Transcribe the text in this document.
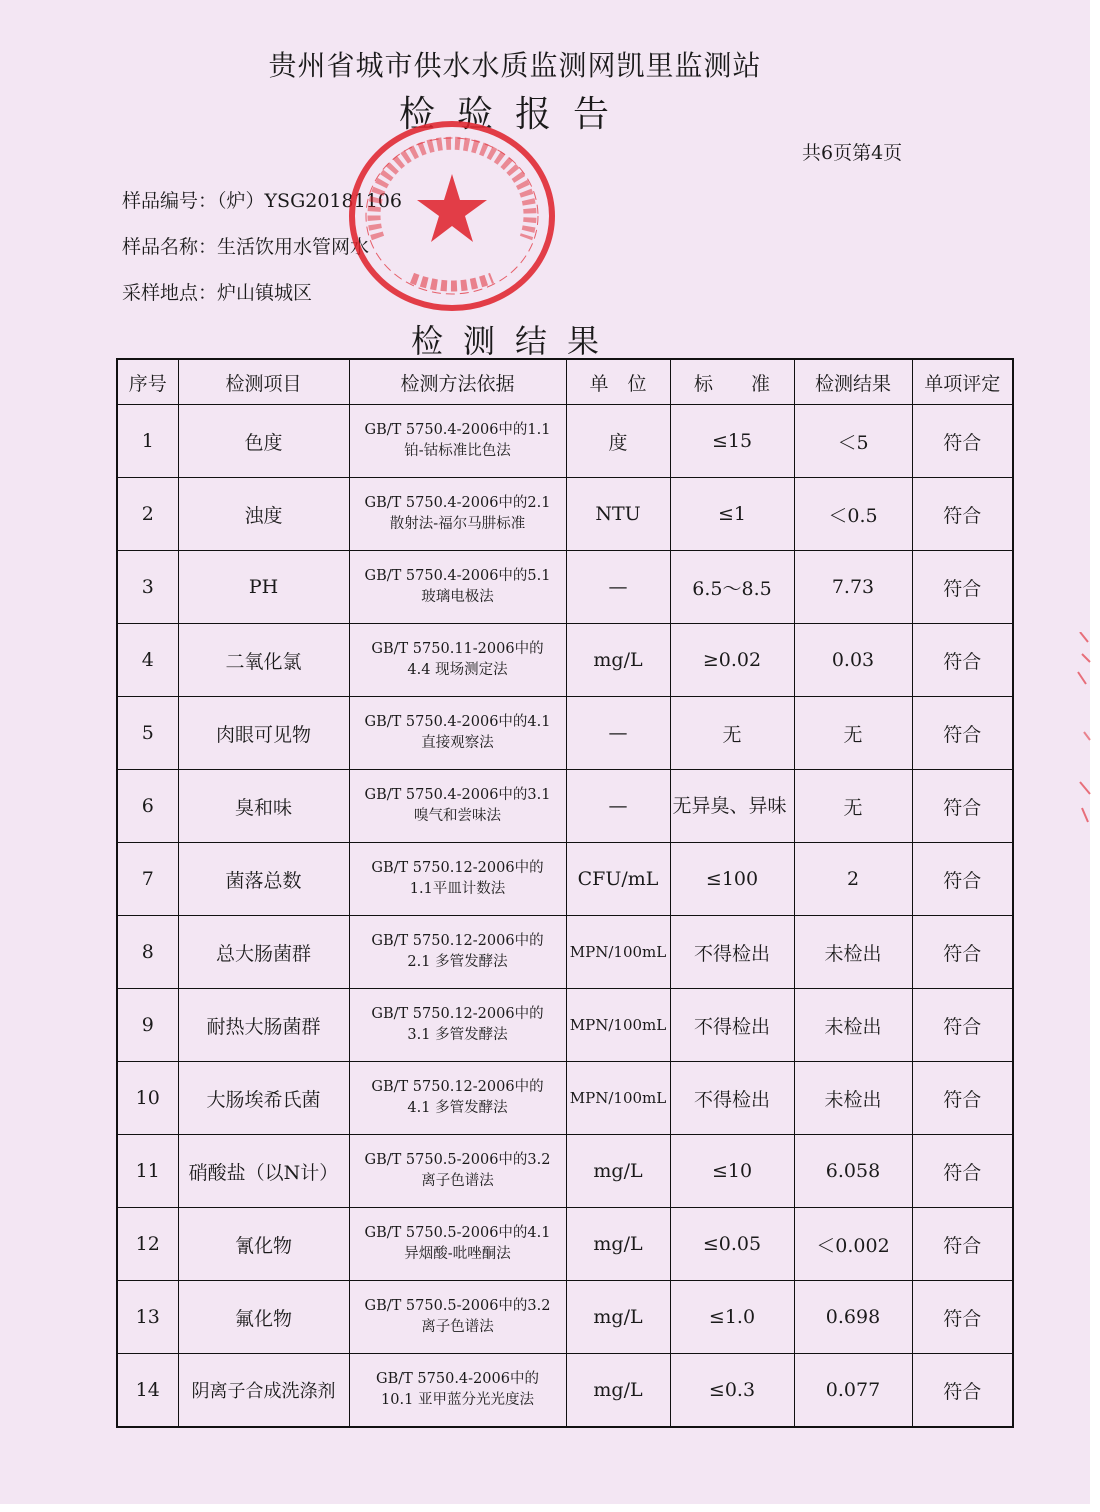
贵州省城市供水水质监测网凯里监测站
检验报告
共6页第4页
样品编号：（炉）YSG20181106
样品名称：生活饮用水管网水
采样地点：炉山镇城区
检测结果
序号	检测项目	检测方法依据	单　位	标　　准	检测结果	单项评定
1	色度	GB/T 5750.4-2006中的1.1
铂-钴标准比色法	度	≤15	＜5	符合
2	浊度	GB/T 5750.4-2006中的2.1
散射法-福尔马肼标准	NTU	≤1	＜0.5	符合
3	PH	GB/T 5750.4-2006中的5.1
玻璃电极法	—	6.5～8.5	7.73	符合
4	二氧化氯	GB/T 5750.11-2006中的
4.4 现场测定法	mg/L	≥0.02	0.03	符合
5	肉眼可见物	GB/T 5750.4-2006中的4.1
直接观察法	—	无	无	符合
6	臭和味	GB/T 5750.4-2006中的3.1
嗅气和尝味法	—	无异臭、异味	无	符合
7	菌落总数	GB/T 5750.12-2006中的
1.1平皿计数法	CFU/mL	≤100	2	符合
8	总大肠菌群	GB/T 5750.12-2006中的
2.1 多管发酵法	MPN/100mL	不得检出	未检出	符合
9	耐热大肠菌群	GB/T 5750.12-2006中的
3.1 多管发酵法	MPN/100mL	不得检出	未检出	符合
10	大肠埃希氏菌	GB/T 5750.12-2006中的
4.1 多管发酵法	MPN/100mL	不得检出	未检出	符合
11	硝酸盐（以N计）	GB/T 5750.5-2006中的3.2
离子色谱法	mg/L	≤10	6.058	符合
12	氰化物	GB/T 5750.5-2006中的4.1
异烟酸-吡唑酮法	mg/L	≤0.05	＜0.002	符合
13	氟化物	GB/T 5750.5-2006中的3.2
离子色谱法	mg/L	≤1.0	0.698	符合
14	阴离子合成洗涤剂	GB/T 5750.4-2006中的
10.1 亚甲蓝分光光度法	mg/L	≤0.3	0.077	符合
